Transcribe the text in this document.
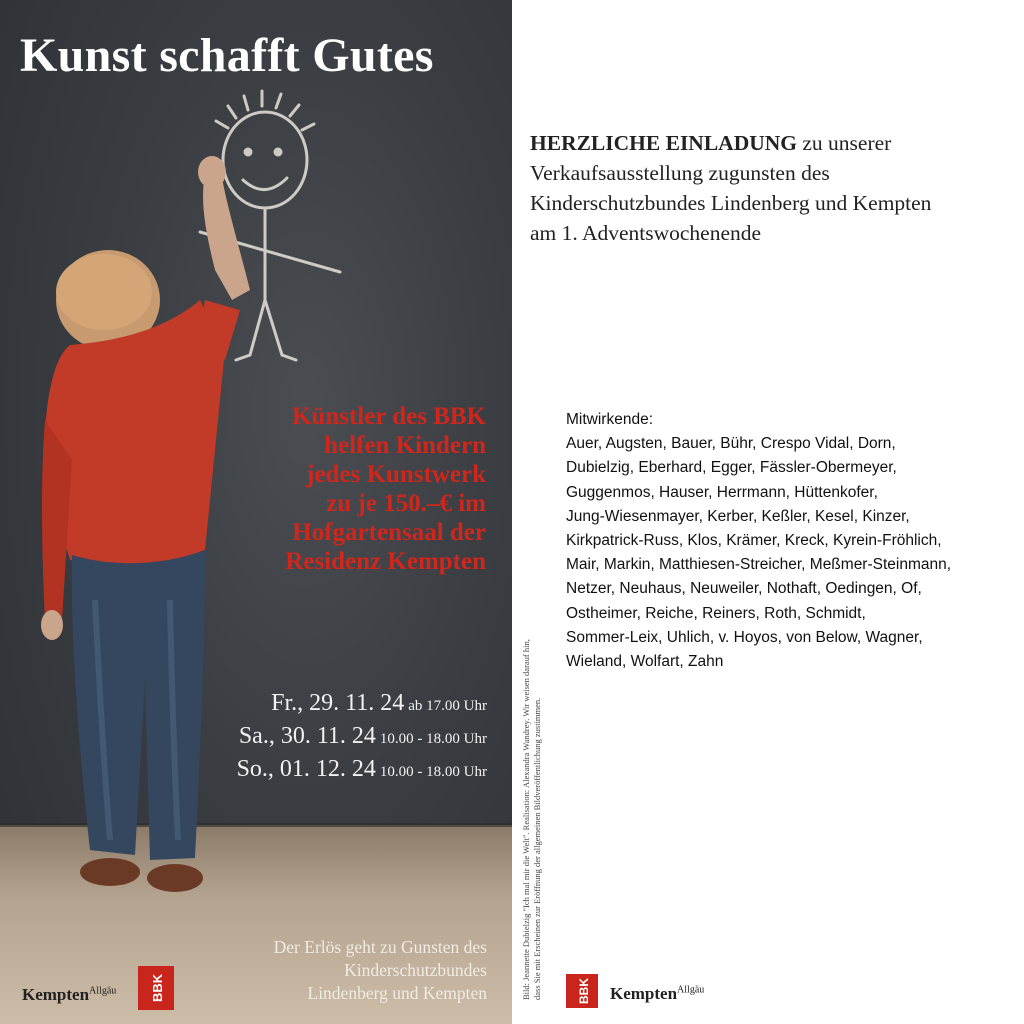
Kunst schafft Gutes
Künstler des BBK
helfen Kindern
jedes Kunstwerk
zu je 150.–€ im
Hofgartensaal der
Residenz Kempten
Fr., 29. 11. 24 ab 17.00 Uhr
Sa., 30. 11. 24 10.00 - 18.00 Uhr
So., 01. 12. 24 10.00 - 18.00 Uhr
Der Erlös geht zu Gunsten des
Kinderschutzbundes
Lindenberg und Kempten
Kempten$^{Allgäu}$	BBK	Bild: Jeannette Dubielzig "Ich mal mir die Welt". Realisation: Alexandra Wandrey. Wir weisen darauf hin, dass Sie mit Erscheinen zur Eröffnung der allgemeinen Bildveröffentlichung zustimmen.
HERZLICHE EINLADUNG zu unserer
Verkaufsausstellung zugunsten des
Kinderschutzbundes Lindenberg und Kempten
am 1. Adventswochenende
Mitwirkende:
Auer, Augsten, Bauer, Bühr, Crespo Vidal, Dorn,
Dubielzig, Eberhard, Egger, Fässler-Obermeyer,
Guggenmos, Hauser, Herrmann, Hüttenkofer,
Jung-Wiesenmayer, Kerber, Keßler, Kesel, Kinzer,
Kirkpatrick-Russ, Klos, Krämer, Kreck, Kyrein-Fröhlich,
Mair, Markin, Matthiesen-Streicher, Meßmer-Steinmann,
Netzer, Neuhaus, Neuweiler, Nothaft, Oedingen, Of,
Ostheimer, Reiche, Reiners, Roth, Schmidt,
Sommer-Leix, Uhlich, v. Hoyos, von Below, Wagner,
Wieland, Wolfart, Zahn
BBK Kempten$^{Allgäu}$
